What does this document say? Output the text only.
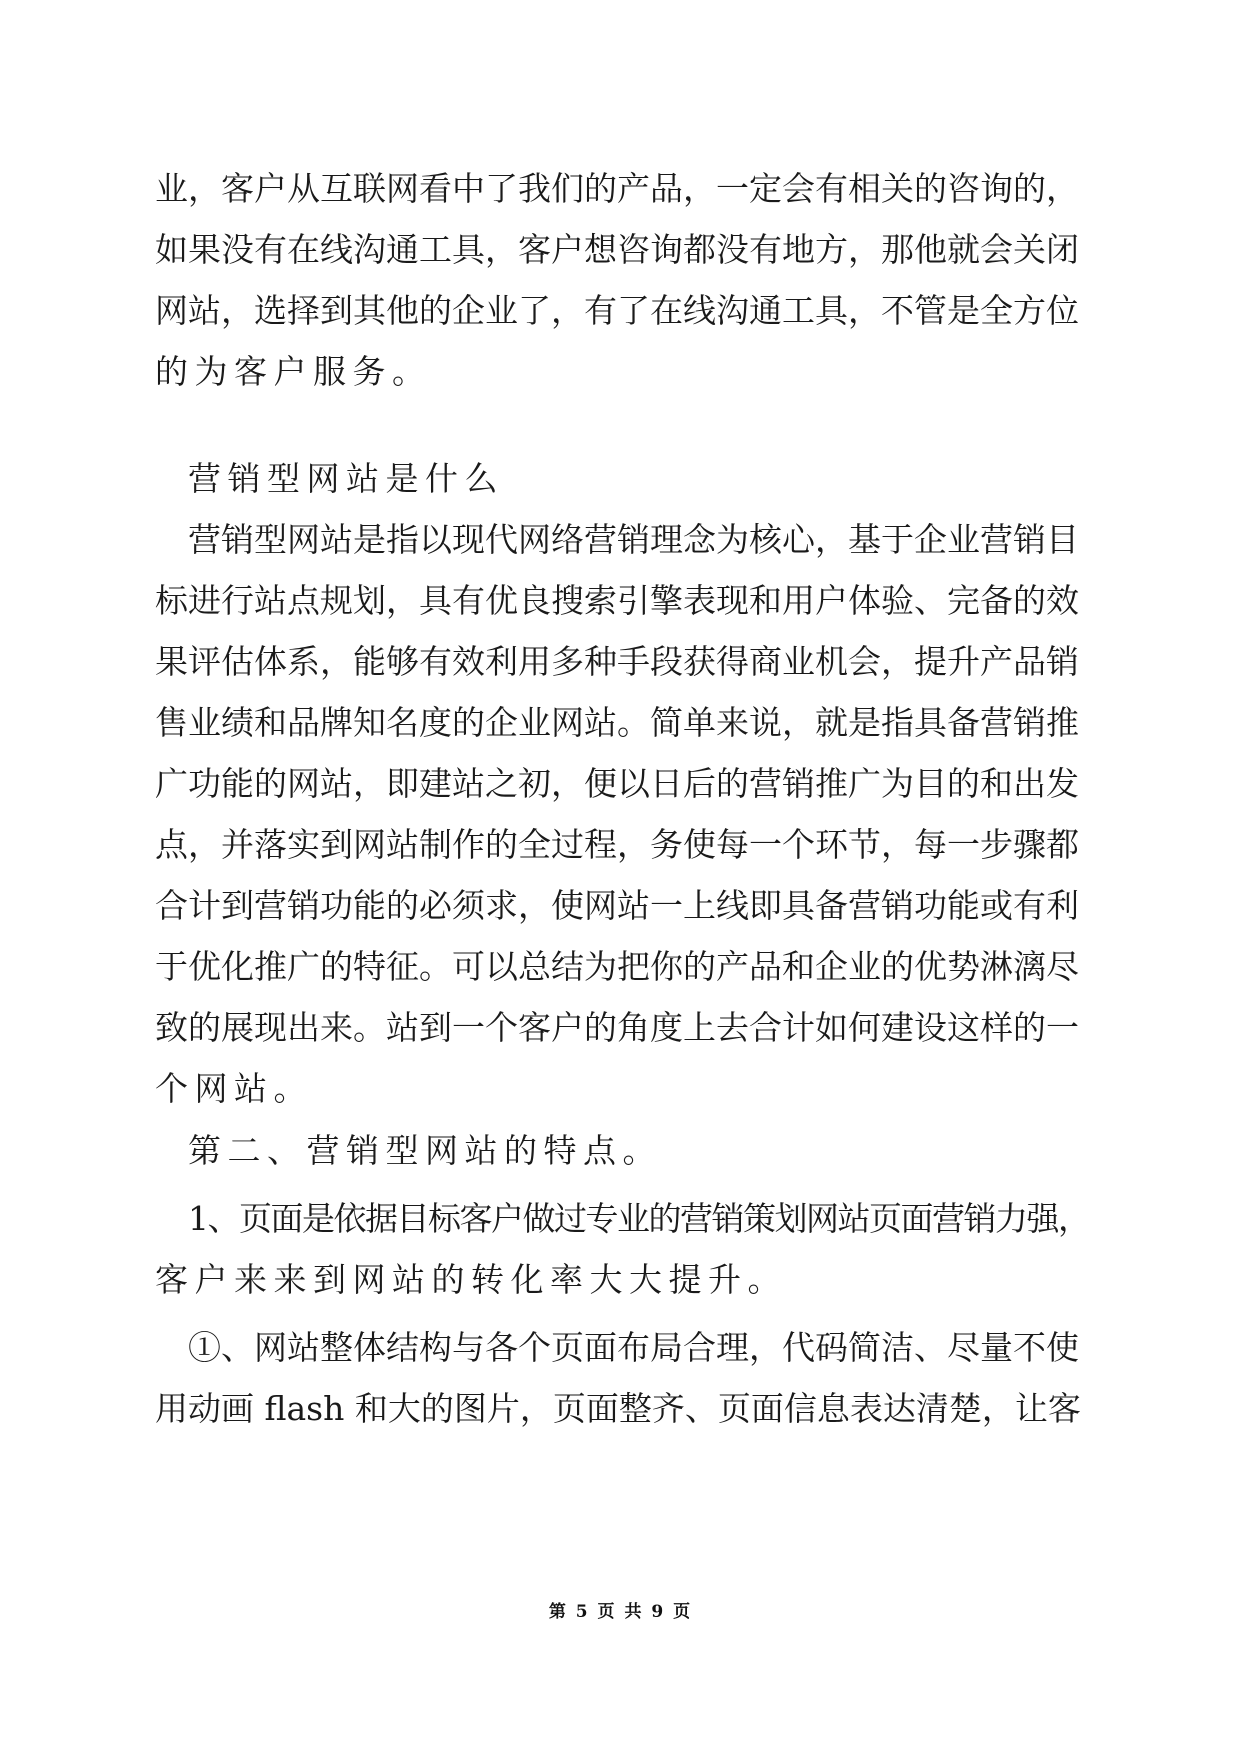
业，客户从互联网看中了我们的产品，一定会有相关的咨询的，
如果没有在线沟通工具，客户想咨询都没有地方，那他就会关闭
网站，选择到其他的企业了，有了在线沟通工具，不管是全方位
的为客户服务。
营销型网站是什么
营销型网站是指以现代网络营销理念为核心，基于企业营销目
标进行站点规划，具有优良搜索引擎表现和用户体验、完备的效
果评估体系，能够有效利用多种手段获得商业机会，提升产品销
售业绩和品牌知名度的企业网站。简单来说，就是指具备营销推
广功能的网站，即建站之初，便以日后的营销推广为目的和出发
点，并落实到网站制作的全过程，务使每一个环节，每一步骤都
合计到营销功能的必须求，使网站一上线即具备营销功能或有利
于优化推广的特征。可以总结为把你的产品和企业的优势淋漓尽
致的展现出来。站到一个客户的角度上去合计如何建设这样的一
个网站。
第二、营销型网站的特点。
1、页面是依据目标客户做过专业的营销策划网站页面营销力强，
客户来来到网站的转化率大大提升。
①、网站整体结构与各个页面布局合理，代码简洁、尽量不使
用动画 flash 和大的图片，页面整齐、页面信息表达清楚，让客
第 5 页 共 9 页
